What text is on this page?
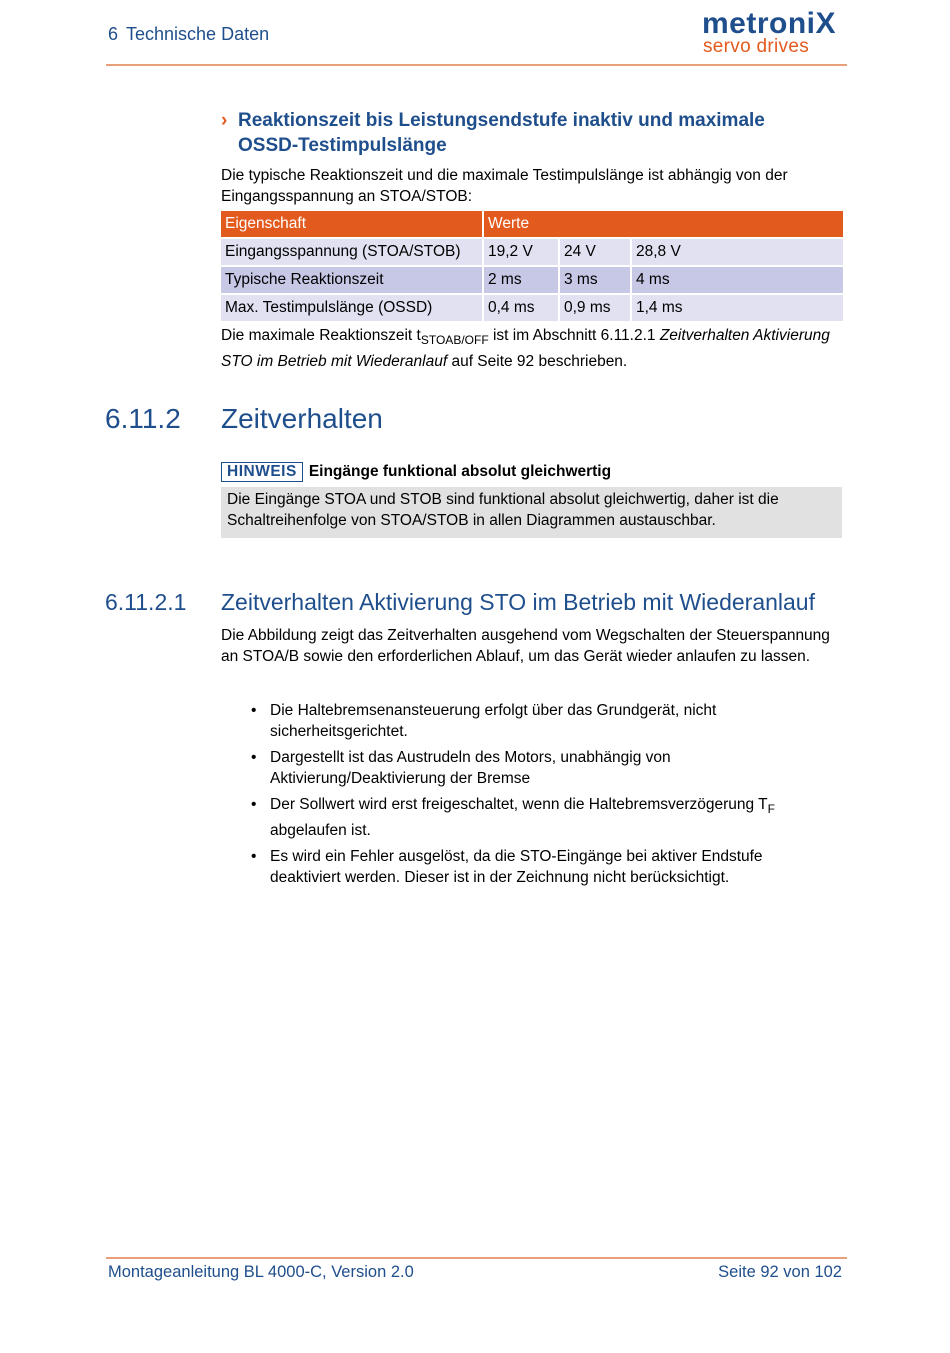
6 Technische Daten	metroniX
servo drives
› Reaktionszeit bis Leistungsendstufe inaktiv und maximale
OSSD-Testimpulslänge
Die typische Reaktionszeit und die maximale Testimpulslänge ist abhängig von der Eingangsspannung an STOA/STOB:
Eigenschaft	Werte		
Eingangsspannung (STOA/STOB)	19,2 V	24 V	28,8 V
Typische Reaktionszeit	2 ms	3 ms	4 ms
Max. Testimpulslänge (OSSD)	0,4 ms	0,9 ms	1,4 ms
Die maximale Reaktionszeit $t_{STOAB/OFF}$ ist im Abschnitt 6.11.2.1 Zeitverhalten Aktivierung STO im Betrieb mit Wiederanlauf auf Seite 92 beschrieben.
6.11.2 Zeitverhalten
HINWEIS Eingänge funktional absolut gleichwertig
Die Eingänge STOA und STOB sind funktional absolut gleichwertig, daher ist die Schaltreihenfolge von STOA/STOB in allen Diagrammen austauschbar.
6.11.2.1 Zeitverhalten Aktivierung STO im Betrieb mit Wiederanlauf
Die Abbildung zeigt das Zeitverhalten ausgehend vom Wegschalten der Steuerspannung an STOA/B sowie den erforderlichen Ablauf, um das Gerät wieder anlaufen zu lassen.
• Die Haltebremsenansteuerung erfolgt über das Grundgerät, nicht sicherheitsgerichtet.
• Dargestellt ist das Austrudeln des Motors, unabhängig von Aktivierung/Deaktivierung der Bremse
• Der Sollwert wird erst freigeschaltet, wenn die Haltebremsverzögerung $T_F$ abgelaufen ist.
• Es wird ein Fehler ausgelöst, da die STO-Eingänge bei aktiver Endstufe deaktiviert werden. Dieser ist in der Zeichnung nicht berücksichtigt.
Montageanleitung BL 4000-C, Version 2.0	Seite 92 von 102
